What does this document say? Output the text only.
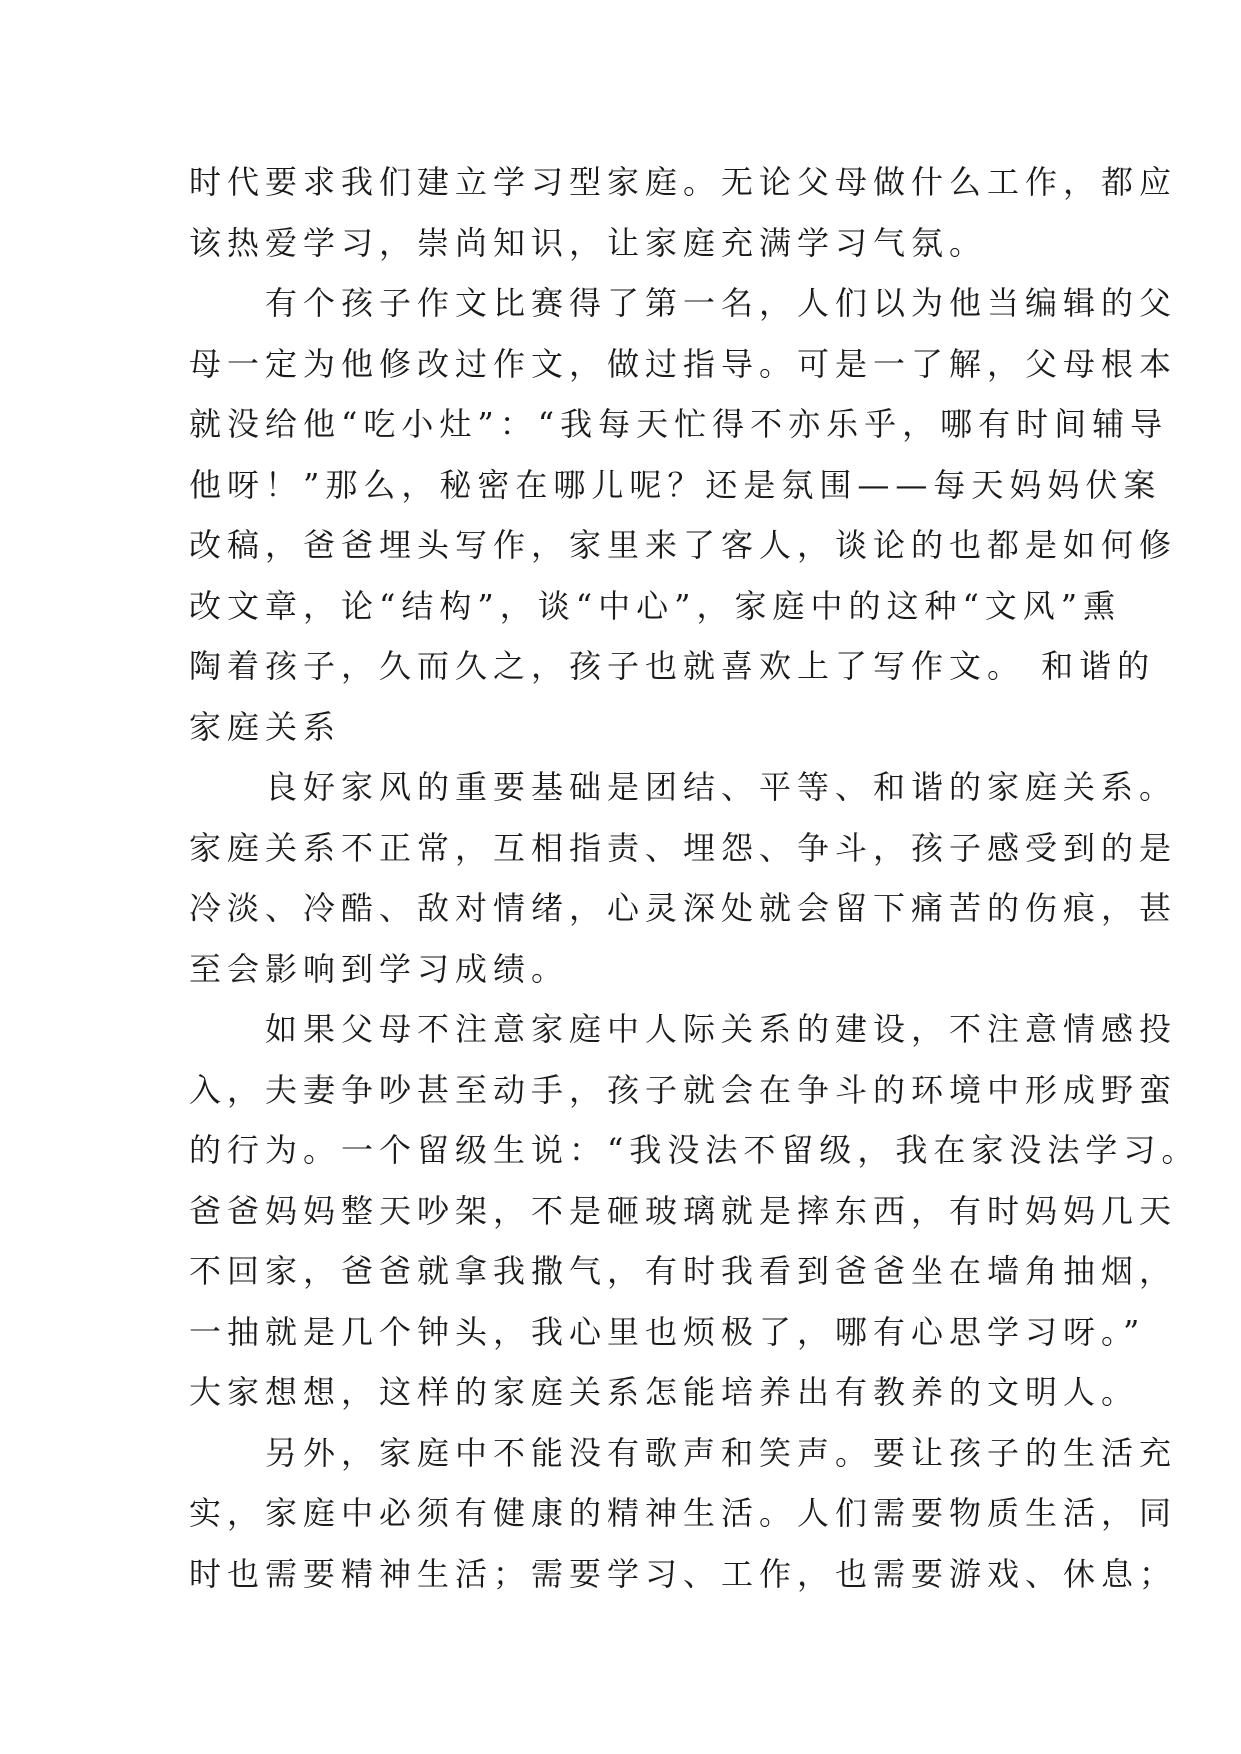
时代要求我们建立学习型家庭。无论父母做什么工作，都应
该热爱学习，崇尚知识，让家庭充满学习气氛。
　　有个孩子作文比赛得了第一名，人们以为他当编辑的父
母一定为他修改过作文，做过指导。可是一了解，父母根本
就没给他“吃小灶”：“我每天忙得不亦乐乎，哪有时间辅导
他呀！”那么，秘密在哪儿呢？还是氛围——每天妈妈伏案
改稿，爸爸埋头写作，家里来了客人，谈论的也都是如何修
改文章，论“结构”，谈“中心”，家庭中的这种“文风”熏
陶着孩子，久而久之，孩子也就喜欢上了写作文。 和谐的
家庭关系
　　良好家风的重要基础是团结、平等、和谐的家庭关系。
家庭关系不正常，互相指责、埋怨、争斗，孩子感受到的是
冷淡、冷酷、敌对情绪，心灵深处就会留下痛苦的伤痕，甚
至会影响到学习成绩。
　　如果父母不注意家庭中人际关系的建设，不注意情感投
入，夫妻争吵甚至动手，孩子就会在争斗的环境中形成野蛮
的行为。一个留级生说：“我没法不留级，我在家没法学习。
爸爸妈妈整天吵架，不是砸玻璃就是摔东西，有时妈妈几天
不回家，爸爸就拿我撒气，有时我看到爸爸坐在墙角抽烟，
一抽就是几个钟头，我心里也烦极了，哪有心思学习呀。”
大家想想，这样的家庭关系怎能培养出有教养的文明人。
　　另外，家庭中不能没有歌声和笑声。要让孩子的生活充
实，家庭中必须有健康的精神生活。人们需要物质生活，同
时也需要精神生活；需要学习、工作，也需要游戏、休息；
